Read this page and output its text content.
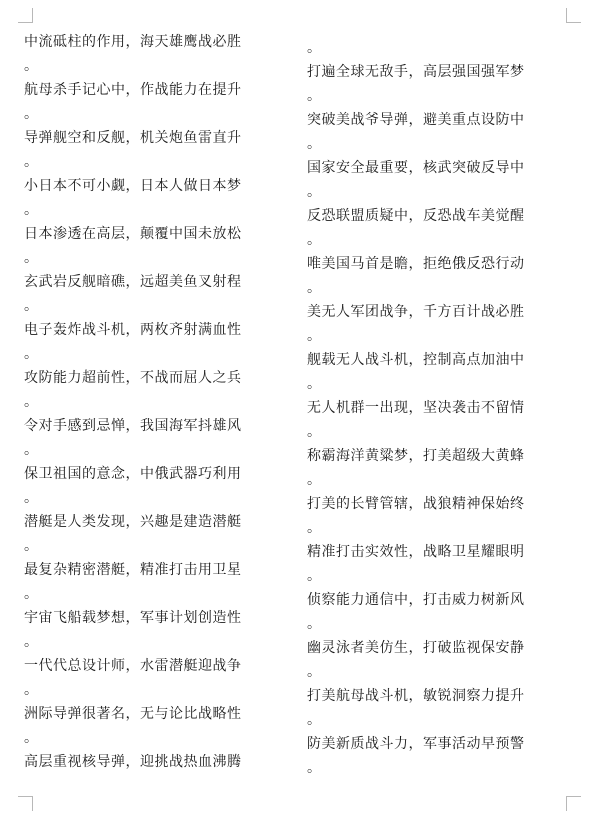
中流砥柱的作用，海天雄鹰战必胜
。
航母杀手记心中，作战能力在提升
。
导弹舰空和反舰，机关炮鱼雷直升
。
小日本不可小觑，日本人做日本梦
。
日本渗透在高层，颠覆中国未放松
。
玄武岩反舰暗礁，远超美鱼叉射程
。
电子轰炸战斗机，两枚齐射满血性
。
攻防能力超前性，不战而屈人之兵
。
令对手感到忌惮，我国海军抖雄风
。
保卫祖国的意念，中俄武器巧利用
。
潜艇是人类发现，兴趣是建造潜艇
。
最复杂精密潜艇，精准打击用卫星
。
宇宙飞船载梦想，军事计划创造性
。
一代代总设计师，水雷潜艇迎战争
。
洲际导弹很著名，无与论比战略性
。
高层重视核导弹，迎挑战热血沸腾
。
打遍全球无敌手，高层强国强军梦
。
突破美战爷导弹，避美重点设防中
。
国家安全最重要，核武突破反导中
。
反恐联盟质疑中，反恐战车美觉醒
。
唯美国马首是瞻，拒绝俄反恐行动
。
美无人军团战争，千方百计战必胜
。
舰载无人战斗机，控制高点加油中
。
无人机群一出现，坚决袭击不留情
。
称霸海洋黄粱梦，打美超级大黄蜂
。
打美的长臂管辖，战狼精神保始终
。
精准打击实效性，战略卫星耀眼明
。
侦察能力通信中，打击威力树新风
。
幽灵泳者美仿生，打破监视保安静
。
打美航母战斗机，敏锐洞察力提升
。
防美新质战斗力，军事活动早预警
。
